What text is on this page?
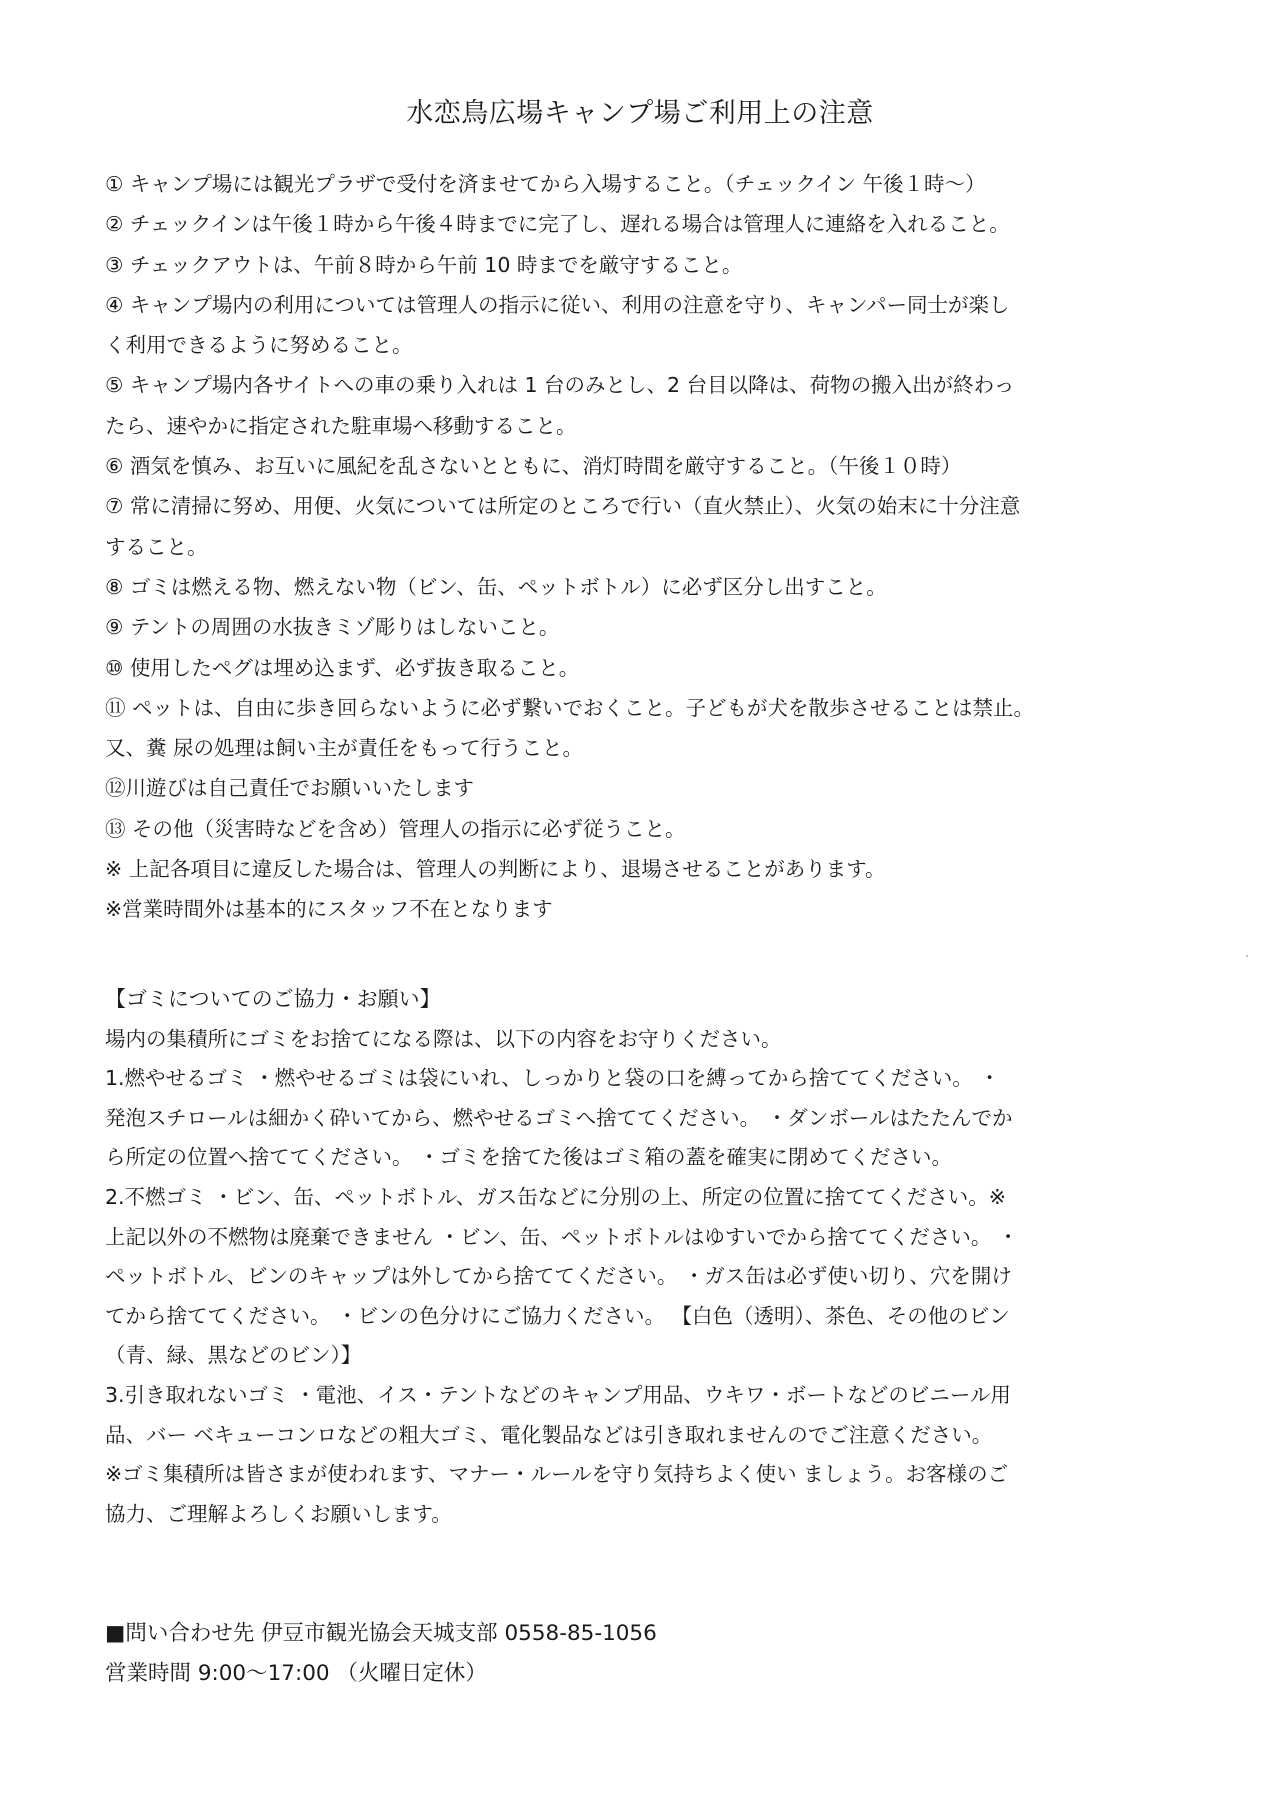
水恋鳥広場キャンプ場ご利用上の注意
① キャンプ場には観光プラザで受付を済ませてから入場すること。（チェックイン 午後１時～）
② チェックインは午後１時から午後４時までに完了し、遅れる場合は管理人に連絡を入れること。
③ チェックアウトは、午前８時から午前 10 時までを厳守すること。
④ キャンプ場内の利用については管理人の指示に従い、利用の注意を守り、キャンパー同士が楽し
く利用できるように努めること。
⑤ キャンプ場内各サイトへの車の乗り入れは 1 台のみとし、2 台目以降は、荷物の搬入出が終わっ
たら、速やかに指定された駐車場へ移動すること。
⑥ 酒気を慎み、お互いに風紀を乱さないとともに、消灯時間を厳守すること。（午後１０時）
⑦ 常に清掃に努め、用便、火気については所定のところで行い（直火禁止）、火気の始末に十分注意
すること。
⑧ ゴミは燃える物、燃えない物（ビン、缶、ペットボトル）に必ず区分し出すこと。
⑨ テントの周囲の水抜きミゾ彫りはしないこと。
⑩ 使用したペグは埋め込まず、必ず抜き取ること。
⑪ ペットは、自由に歩き回らないように必ず繋いでおくこと。子どもが犬を散歩させることは禁止。
又、糞 尿の処理は飼い主が責任をもって行うこと。
⑫川遊びは自己責任でお願いいたします
⑬ その他（災害時などを含め）管理人の指示に必ず従うこと。
※ 上記各項目に違反した場合は、管理人の判断により、退場させることがあります。
※営業時間外は基本的にスタッフ不在となります
【ゴミについてのご協力・お願い】
場内の集積所にゴミをお捨てになる際は、以下の内容をお守りください。
1.燃やせるゴミ ・燃やせるゴミは袋にいれ、しっかりと袋の口を縛ってから捨ててください。 ・
発泡スチロールは細かく砕いてから、燃やせるゴミへ捨ててください。 ・ダンボールはたたんでか
ら所定の位置へ捨ててください。 ・ゴミを捨てた後はゴミ箱の蓋を確実に閉めてください。
2.不燃ゴミ ・ビン、缶、ペットボトル、ガス缶などに分別の上、所定の位置に捨ててください。※
上記以外の不燃物は廃棄できません ・ビン、缶、ペットボトルはゆすいでから捨ててください。 ・
ペットボトル、ビンのキャップは外してから捨ててください。 ・ガス缶は必ず使い切り、穴を開け
てから捨ててください。 ・ビンの色分けにご協力ください。 【白色（透明）、茶色、その他のビン
（青、緑、黒などのビン）】
3.引き取れないゴミ ・電池、イス・テントなどのキャンプ用品、ウキワ・ボートなどのビニール用
品、バー ベキューコンロなどの粗大ゴミ、電化製品などは引き取れませんのでご注意ください。
※ゴミ集積所は皆さまが使われます、マナー・ルールを守り気持ちよく使い ましょう。お客様のご
協力、ご理解よろしくお願いします。
■問い合わせ先 伊豆市観光協会天城支部 0558-85-1056
営業時間 9:00～17:00 （火曜日定休）
